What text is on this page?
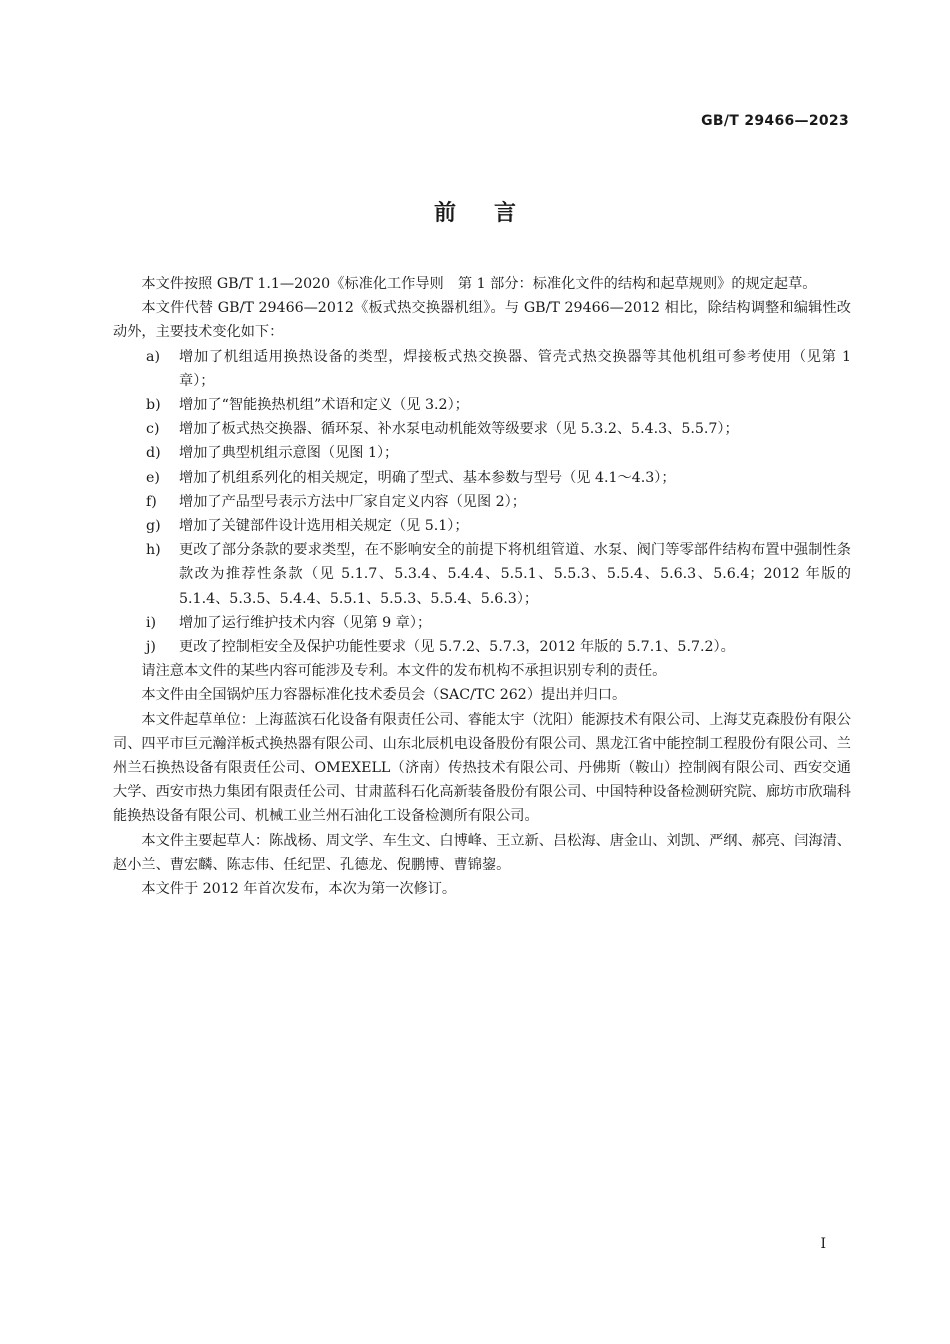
GB/T 29466—2023
前言

本文件按照 GB/T 1.1—2020《标准化工作导则　第 1 部分：标准化文件的结构和起草规则》的规定起草。

本文件代替 GB/T 29466—2012《板式热交换器机组》。与 GB/T 29466—2012 相比，除结构调整和编辑性改动外，主要技术变化如下：

a) 增加了机组适用换热设备的类型，焊接板式热交换器、管壳式热交换器等其他机组可参考使用（见第 1 章）；
b) 增加了“智能换热机组”术语和定义（见 3.2）；
c) 增加了板式热交换器、循环泵、补水泵电动机能效等级要求（见 5.3.2、5.4.3、5.5.7）；
d) 增加了典型机组示意图（见图 1）；
e) 增加了机组系列化的相关规定，明确了型式、基本参数与型号（见 4.1～4.3）；
f) 增加了产品型号表示方法中厂家自定义内容（见图 2）；
g) 增加了关键部件设计选用相关规定（见 5.1）；
h) 更改了部分条款的要求类型，在不影响安全的前提下将机组管道、水泵、阀门等零部件结构布置中强制性条款改为推荐性条款（见 5.1.7、5.3.4、5.4.4、5.5.1、5.5.3、5.5.4、5.6.3、5.6.4；2012 年版的 5.1.4、5.3.5、5.4.4、5.5.1、5.5.3、5.5.4、5.6.3）；
i) 增加了运行维护技术内容（见第 9 章）；
j) 更改了控制柜安全及保护功能性要求（见 5.7.2、5.7.3，2012 年版的 5.7.1、5.7.2）。

请注意本文件的某些内容可能涉及专利。本文件的发布机构不承担识别专利的责任。

本文件由全国锅炉压力容器标准化技术委员会（SAC/TC 262）提出并归口。

本文件起草单位：上海蓝滨石化设备有限责任公司、睿能太宇（沈阳）能源技术有限公司、上海艾克森股份有限公司、四平市巨元瀚洋板式换热器有限公司、山东北辰机电设备股份有限公司、黑龙江省中能控制工程股份有限公司、兰州兰石换热设备有限责任公司、OMEXELL（济南）传热技术有限公司、丹佛斯（鞍山）控制阀有限公司、西安交通大学、西安市热力集团有限责任公司、甘肃蓝科石化高新装备股份有限公司、中国特种设备检测研究院、廊坊市欣瑞科能换热设备有限公司、机械工业兰州石油化工设备检测所有限公司。

本文件主要起草人：陈战杨、周文学、车生文、白博峰、王立新、吕松海、唐金山、刘凯、严纲、郝亮、闫海清、赵小兰、曹宏麟、陈志伟、任纪罡、孔德龙、倪鹏博、曹锦鋆。

本文件于 2012 年首次发布，本次为第一次修订。

I
